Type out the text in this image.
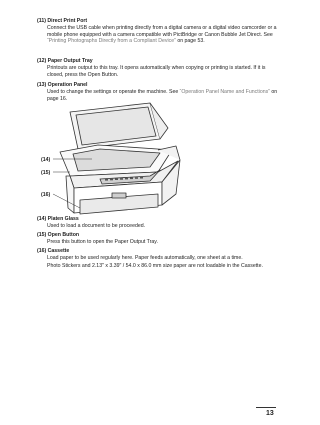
(11) Direct Print Port
Connect the USB cable when printing directly from a digital camera or a digital video camcorder or a mobile phone equipped with a camera compatible with PictBridge or Canon Bubble Jet Direct. See “Printing Photographs Directly from a Compliant Device” on page 53.
(12) Paper Output Tray
Printouts are output to this tray. It opens automatically when copying or printing is started. If it is closed, press the Open Button.
(13) Operation Panel
Used to change the settings or operate the machine. See “Operation Panel Name and Functions” on page 16.
(14)
(15)
(16)
(14) Platen Glass
Used to load a document to be proceeded.
(15) Open Button
Press this button to open the Paper Output Tray.
(16) Cassette

Load paper to be used regularly here. Paper feeds automatically, one sheet at a time.

Photo Stickers and 2.13" x 3.39" / 54.0 x 86.0 mm size paper are not loadable in the Cassette.

13
